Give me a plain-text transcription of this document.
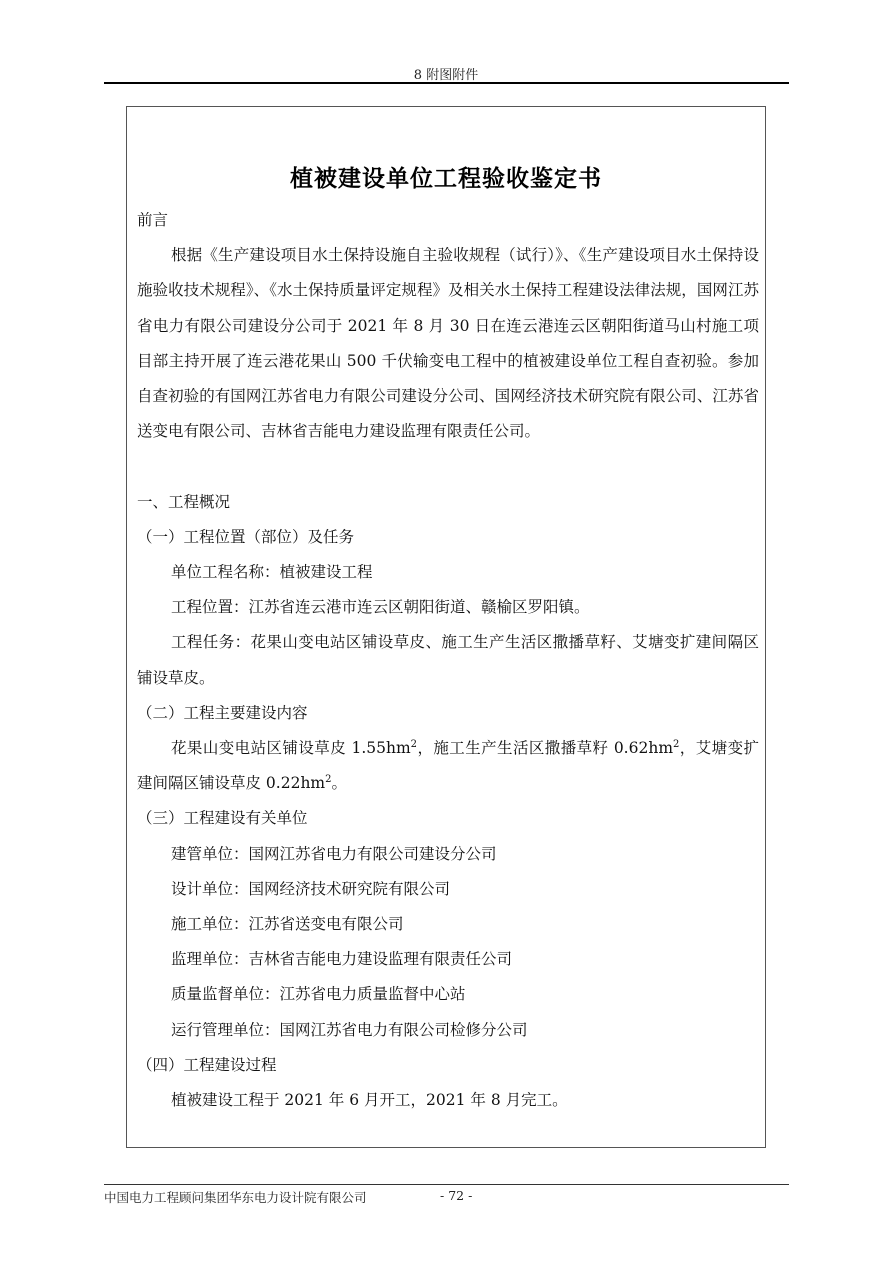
8 附图附件
植被建设单位工程验收鉴定书

前言

根据《生产建设项目水土保持设施自主验收规程（试行）》、《生产建设项目水土保持设施验收技术规程》、《水土保持质量评定规程》及相关水土保持工程建设法律法规，国网江苏省电力有限公司建设分公司于 2021 年 8 月 30 日在连云港连云区朝阳街道马山村施工项目部主持开展了连云港花果山 500 千伏输变电工程中的植被建设单位工程自查初验。参加自查初验的有国网江苏省电力有限公司建设分公司、国网经济技术研究院有限公司、江苏省送变电有限公司、吉林省吉能电力建设监理有限责任公司。

一、工程概况

（一）工程位置（部位）及任务

单位工程名称：植被建设工程

工程位置：江苏省连云港市连云区朝阳街道、赣榆区罗阳镇。

工程任务：花果山变电站区铺设草皮、施工生产生活区撒播草籽、艾塘变扩建间隔区铺设草皮。

（二）工程主要建设内容

花果山变电站区铺设草皮 $1.55hm^2$，施工生产生活区撒播草籽 $0.62hm^2$，艾塘变扩建间隔区铺设草皮 $0.22hm^2$。

（三）工程建设有关单位

建管单位：国网江苏省电力有限公司建设分公司

设计单位：国网经济技术研究院有限公司

施工单位：江苏省送变电有限公司

监理单位：吉林省吉能电力建设监理有限责任公司

质量监督单位：江苏省电力质量监督中心站

运行管理单位：国网江苏省电力有限公司检修分公司

（四）工程建设过程

植被建设工程于 2021 年 6 月开工，2021 年 8 月完工。

中国电力工程顾问集团华东电力设计院有限公司	- 72 -
